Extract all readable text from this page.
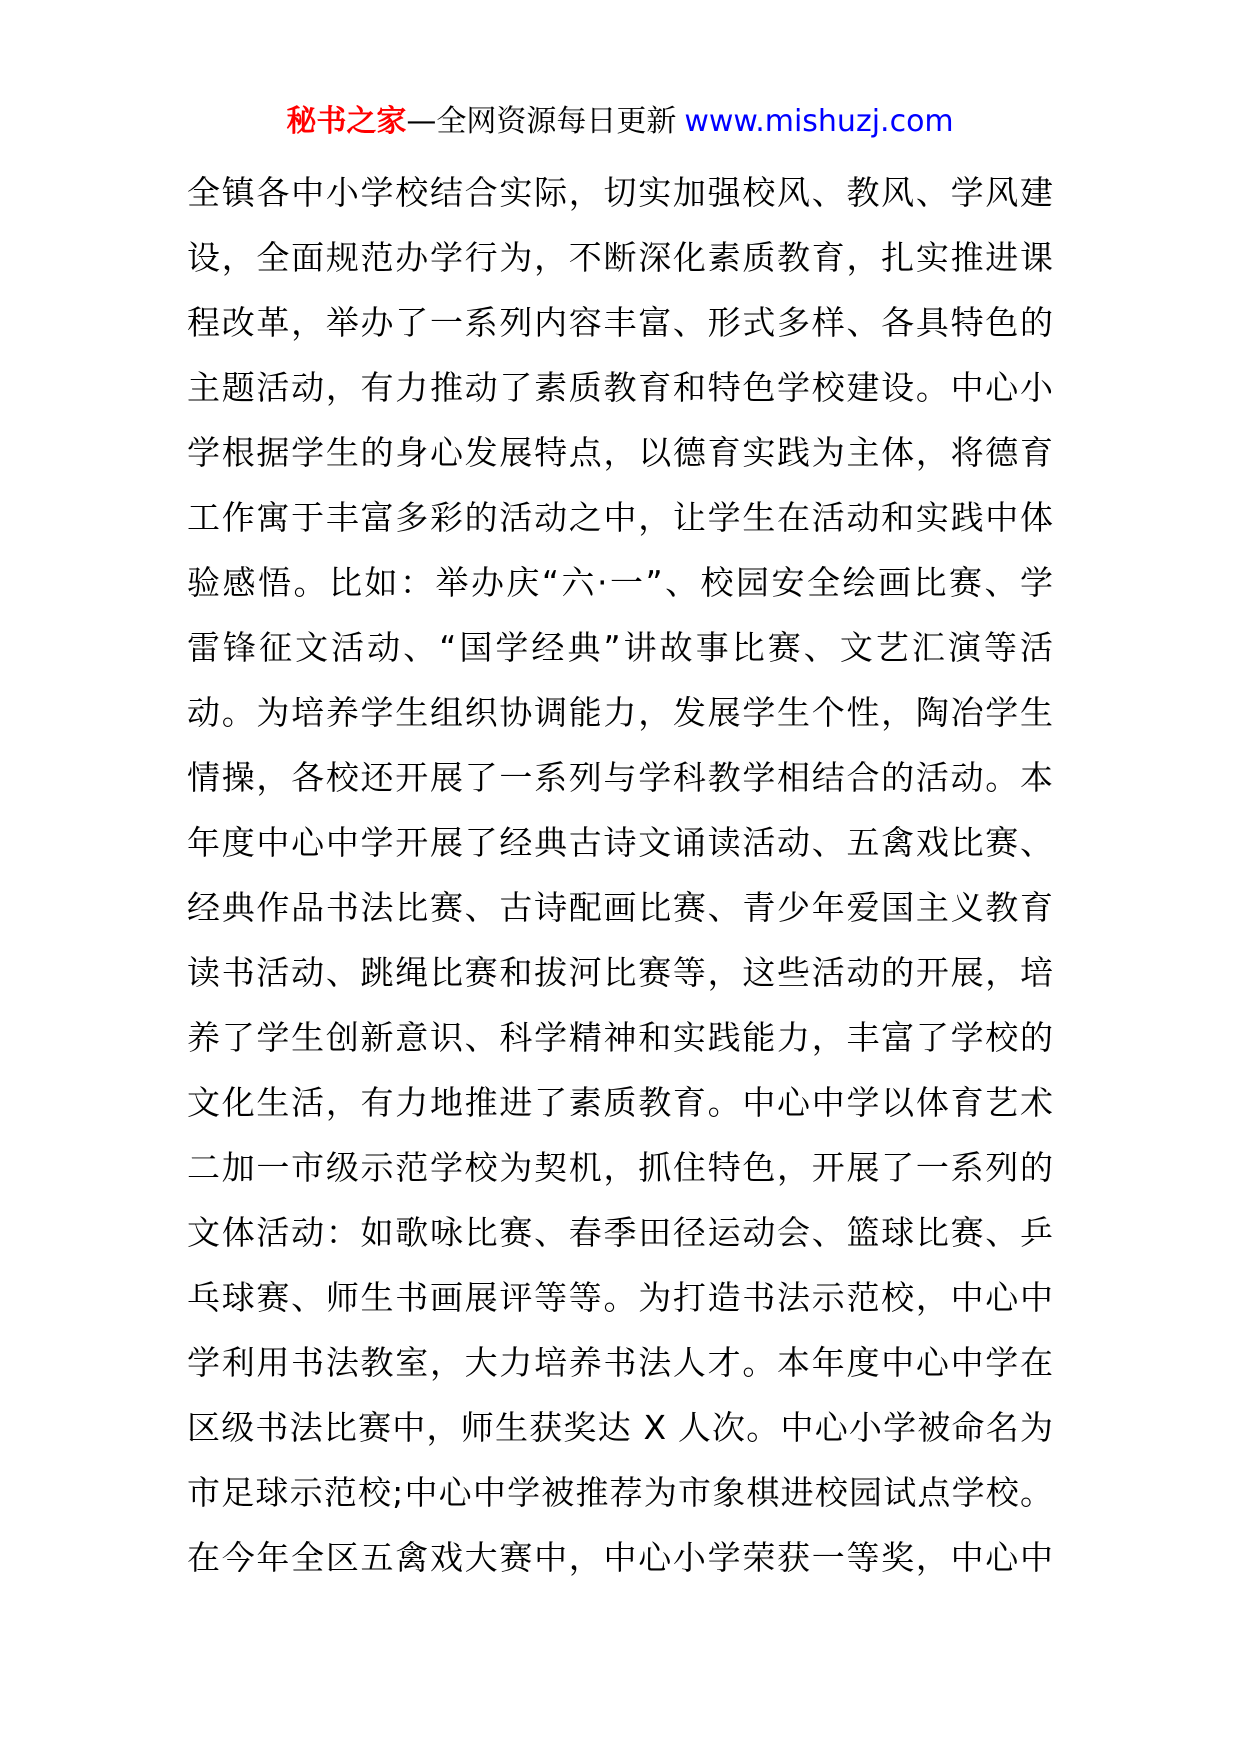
秘书之家—全网资源每日更新 www.mishuzj.com
全镇各中小学校结合实际，切实加强校风、教风、学风建
设，全面规范办学行为，不断深化素质教育，扎实推进课
程改革，举办了一系列内容丰富、形式多样、各具特色的
主题活动，有力推动了素质教育和特色学校建设。中心小
学根据学生的身心发展特点，以德育实践为主体，将德育
工作寓于丰富多彩的活动之中，让学生在活动和实践中体
验感悟。比如：举办庆“六·一”、校园安全绘画比赛、学
雷锋征文活动、“国学经典”讲故事比赛、文艺汇演等活
动。为培养学生组织协调能力，发展学生个性，陶冶学生
情操，各校还开展了一系列与学科教学相结合的活动。本
年度中心中学开展了经典古诗文诵读活动、五禽戏比赛、
经典作品书法比赛、古诗配画比赛、青少年爱国主义教育
读书活动、跳绳比赛和拔河比赛等，这些活动的开展，培
养了学生创新意识、科学精神和实践能力，丰富了学校的
文化生活，有力地推进了素质教育。中心中学以体育艺术
二加一市级示范学校为契机，抓住特色，开展了一系列的
文体活动：如歌咏比赛、春季田径运动会、篮球比赛、乒
乓球赛、师生书画展评等等。为打造书法示范校，中心中
学利用书法教室，大力培养书法人才。本年度中心中学在
区级书法比赛中，师生获奖达 X 人次。中心小学被命名为
市足球示范校;中心中学被推荐为市象棋进校园试点学校。
在今年全区五禽戏大赛中，中心小学荣获一等奖，中心中
